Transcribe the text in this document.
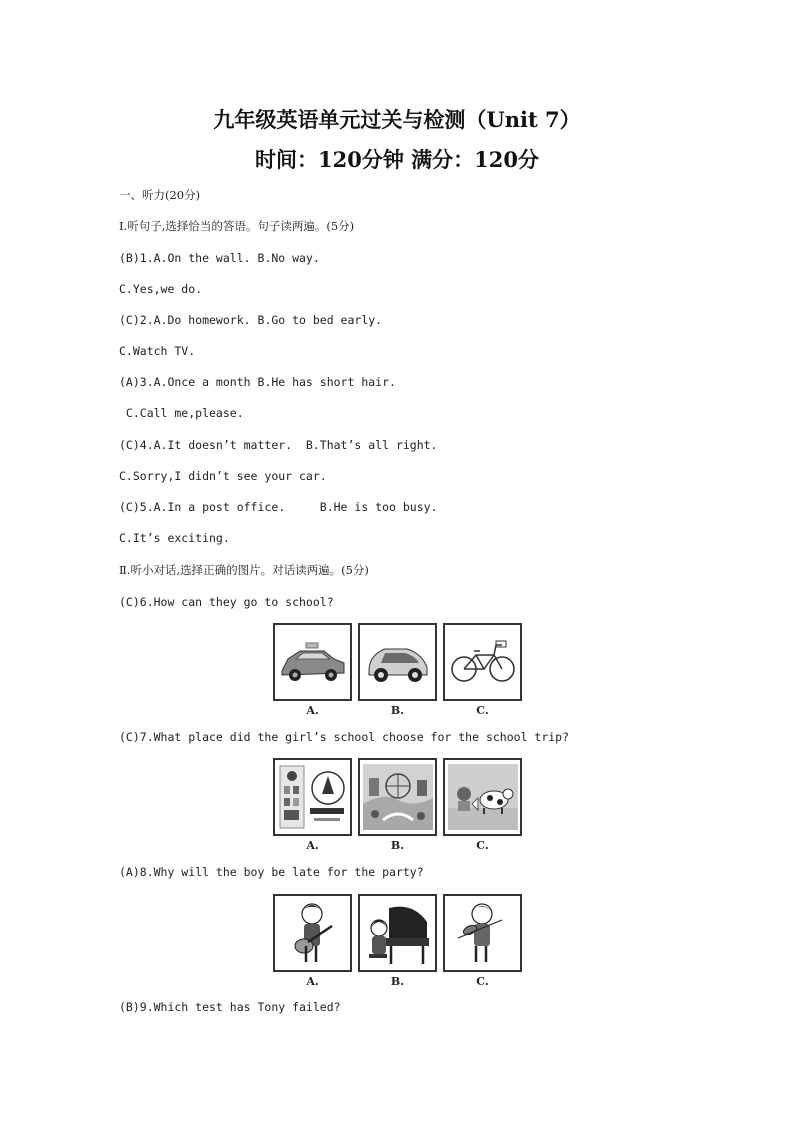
九年级英语单元过关与检测（Unit 7）
时间：120分钟 满分：120分

一、听力(20分)

Ⅰ.听句子,选择恰当的答语。句子读两遍。(5分)

(B)1.A.On the wall. B.No way.

C.Yes,we do.

(C)2.A.Do homework. B.Go to bed early.

C.Watch TV.

(A)3.A.Once a month B.He has short hair.

C.Call me,please.

(C)4.A.It doesn’t matter.  B.That’s all right.

C.Sorry,I didn’t see your car.

(C)5.A.In a post office.     B.He is too busy.

C.It’s exciting.

Ⅱ.听小对话,选择正确的图片。对话读两遍。(5分)

(C)6.How can they go to school?

A.	B.	C.

(C)7.What place did the girl’s school choose for the school trip?

A.	B.	C.

(A)8.Why will the boy be late for the party?

A.	B.	C.

(B)9.Which test has Tony failed?
